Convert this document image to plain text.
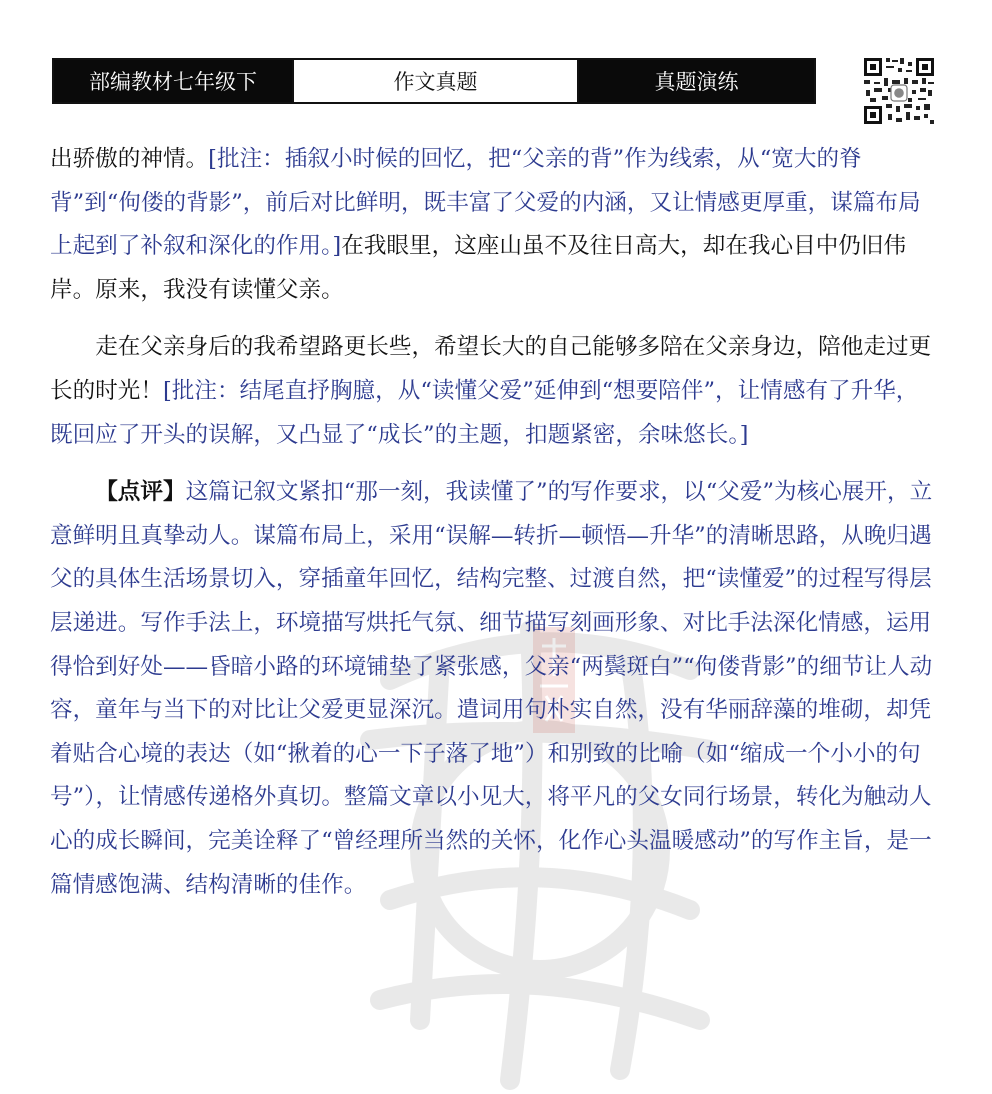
部编教材七年级下	作文真题	真题演练

出骄傲的神情。[批注：插叙小时候的回忆，把“父亲的背”作为线索，从“宽大的脊背”到“佝偻的背影”，前后对比鲜明，既丰富了父爱的内涵，又让情感更厚重，谋篇布局上起到了补叙和深化的作用。]在我眼里，这座山虽不及往日高大，却在我心目中仍旧伟岸。原来，我没有读懂父亲。

走在父亲身后的我希望路更长些，希望长大的自己能够多陪在父亲身边，陪他走过更长的时光！[批注：结尾直抒胸臆，从“读懂父爱”延伸到“想要陪伴”，让情感有了升华，既回应了开头的误解，又凸显了“成长”的主题，扣题紧密，余味悠长。]

【点评】这篇记叙文紧扣“那一刻，我读懂了”的写作要求，以“父爱”为核心展开，立意鲜明且真挚动人。谋篇布局上，采用“误解—转折—顿悟—升华”的清晰思路，从晚归遇父的具体生活场景切入，穿插童年回忆，结构完整、过渡自然，把“读懂爱”的过程写得层层递进。写作手法上，环境描写烘托气氛、细节描写刻画形象、对比手法深化情感，运用得恰到好处——昏暗小路的环境铺垫了紧张感，父亲“两鬓斑白”“佝偻背影”的细节让人动容，童年与当下的对比让父爱更显深沉。遣词用句朴实自然，没有华丽辞藻的堆砌，却凭着贴合心境的表达（如“揪着的心一下子落了地”）和别致的比喻（如“缩成一个小小的句号”），让情感传递格外真切。整篇文章以小见大，将平凡的父女同行场景，转化为触动人心的成长瞬间，完美诠释了“曾经理所当然的关怀，化作心头温暖感动”的写作主旨，是一篇情感饱满、结构清晰的佳作。
